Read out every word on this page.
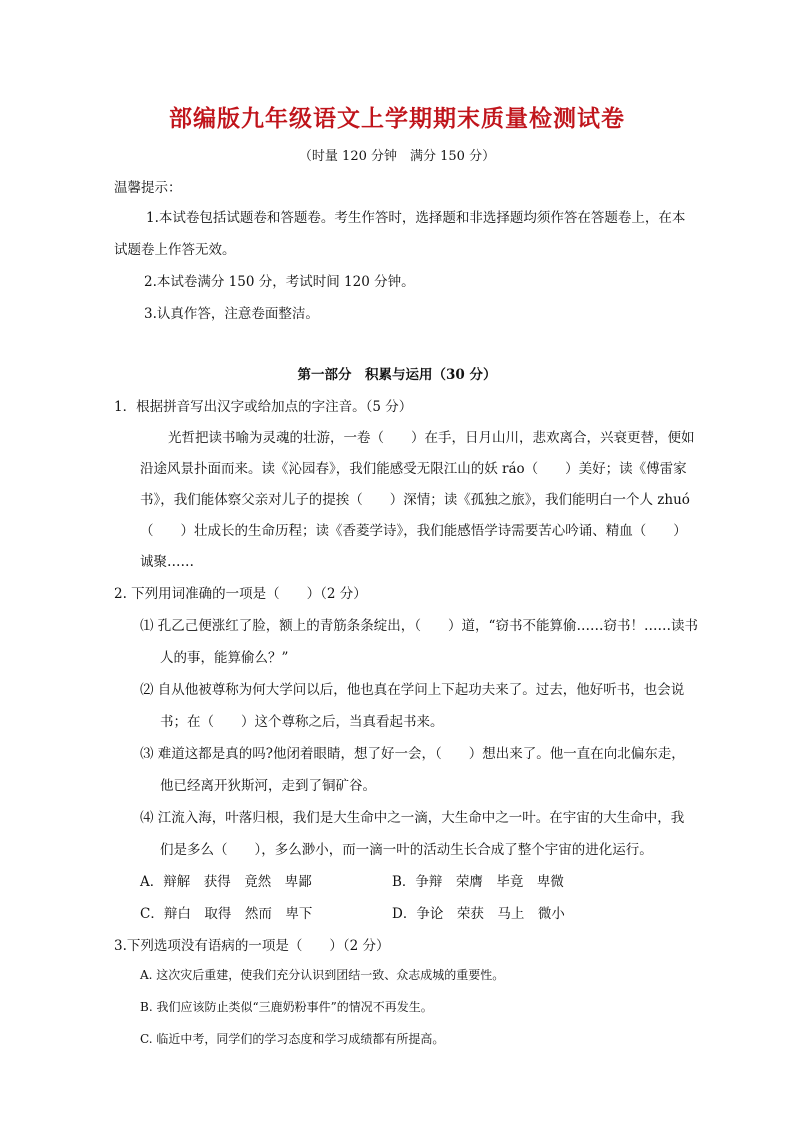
部编版九年级语文上学期期末质量检测试卷
（时量 120 分钟　满分 150 分）
温馨提示：
1.本试卷包括试题卷和答题卷。考生作答时，选择题和非选择题均须作答在答题卷上，在本
试题卷上作答无效。
2.本试卷满分 150 分，考试时间 120 分钟。
3.认真作答，注意卷面整洁。
第一部分　积累与运用（30 分）
1．根据拼音写出汉字或给加点的字注音。（5 分）
光哲把读书喻为灵魂的壮游，一卷（　　）在手，日月山川，悲欢离合，兴衰更替，便如
沿途风景扑面而来。读《沁园春》，我们能感受无限江山的妖 ráo（　　）美好；读《傅雷家
书》，我们能体察父亲对儿子的提挨（　　）深情；读《孤独之旅》，我们能明白一个人 zhuó
（　　）壮成长的生命历程；读《香菱学诗》，我们能感悟学诗需要苦心吟诵、精血（　　）
诚聚……
2. 下列用词准确的一项是（　　）（2 分）
⑴ 孔乙己便涨红了脸，额上的青筋条条绽出，（　　）道，“窃书不能算偷……窃书！……读书
人的事，能算偷么？”
⑵ 自从他被尊称为何大学问以后，他也真在学问上下起功夫来了。过去，他好听书，也会说
书；在（　　）这个尊称之后，当真看起书来。
⑶ 难道这都是真的吗?他闭着眼睛，想了好一会，（　　）想出来了。他一直在向北偏东走，
他已经离开狄斯河，走到了铜矿谷。
⑷ 江流入海，叶落归根，我们是大生命中之一滴，大生命中之一叶。在宇宙的大生命中，我
们是多么（　　），多么渺小，而一滴一叶的活动生长合成了整个宇宙的进化运行。
A．辩解　获得　竟然　卑鄙	B．争辩　荣膺　毕竟　卑微
C．辩白　取得　然而　卑下	D．争论　荣获　马上　微小
3.下列选项没有语病的一项是（　　）（2 分）
A. 这次灾后重建，使我们充分认识到团结一致、众志成城的重要性。
B. 我们应该防止类似“三鹿奶粉事件”的情况不再发生。
C. 临近中考，同学们的学习态度和学习成绩都有所提高。
